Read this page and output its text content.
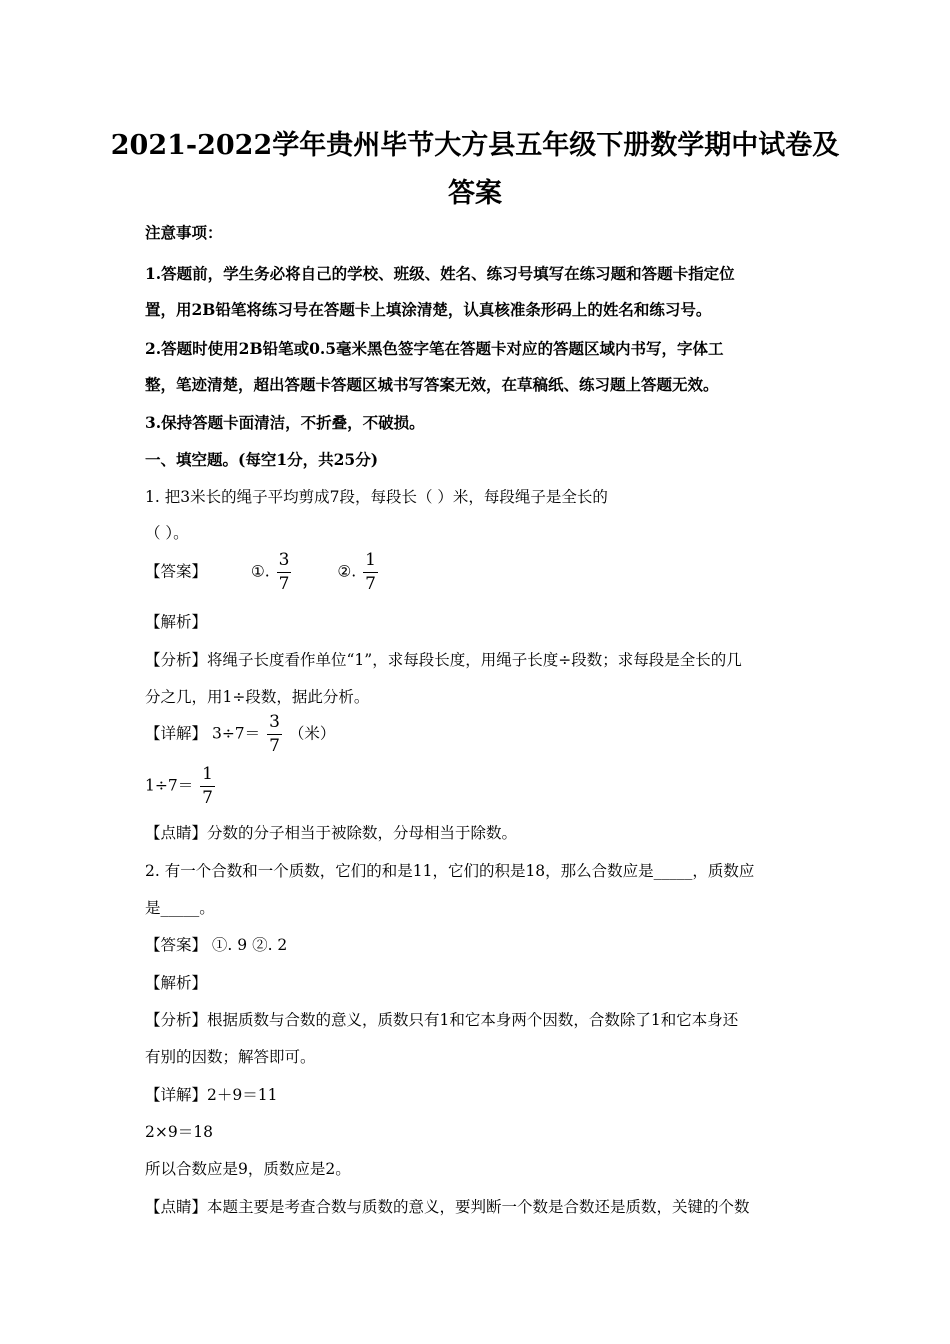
2021-2022学年贵州毕节大方县五年级下册数学期中试卷及
答案
注意事项：
1.答题前，学生务必将自己的学校、班级、姓名、练习号填写在练习题和答题卡指定位
置，用2B铅笔将练习号在答题卡上填涂清楚，认真核准条形码上的姓名和练习号。
2.答题时使用2B铅笔或0.5毫米黑色签字笔在答题卡对应的答题区域内书写，字体工
整，笔迹清楚，超出答题卡答题区城书写答案无效，在草稿纸、练习题上答题无效。
3.保持答题卡面清洁，不折叠，不破损。
一、填空题。(每空1分，共25分)
1. 把3米长的绳子平均剪成7段，每段长（ ）米，每段绳子是全长的
（ ）。
【答案】	①. $\frac{3}{7}$	②. $\frac{1}{7}$
【解析】
【分析】将绳子长度看作单位“1”，求每段长度，用绳子长度÷段数；求每段是全长的几
分之几，用1÷段数，据此分析。
【详解】 $3\div 7= \frac{3}{7}$ （米）
$1\div 7= \frac{1}{7}$
【点睛】分数的分子相当于被除数，分母相当于除数。
2. 有一个合数和一个质数，它们的和是11，它们的积是18，那么合数应是_____，质数应
是_____。
【答案】 ①. 9 ②. 2
【解析】
【分析】根据质数与合数的意义，质数只有1和它本身两个因数，合数除了1和它本身还
有别的因数；解答即可。
【详解】2＋9＝11
2×9＝18
所以合数应是9，质数应是2。
【点睛】本题主要是考查合数与质数的意义，要判断一个数是合数还是质数，关键的个数
